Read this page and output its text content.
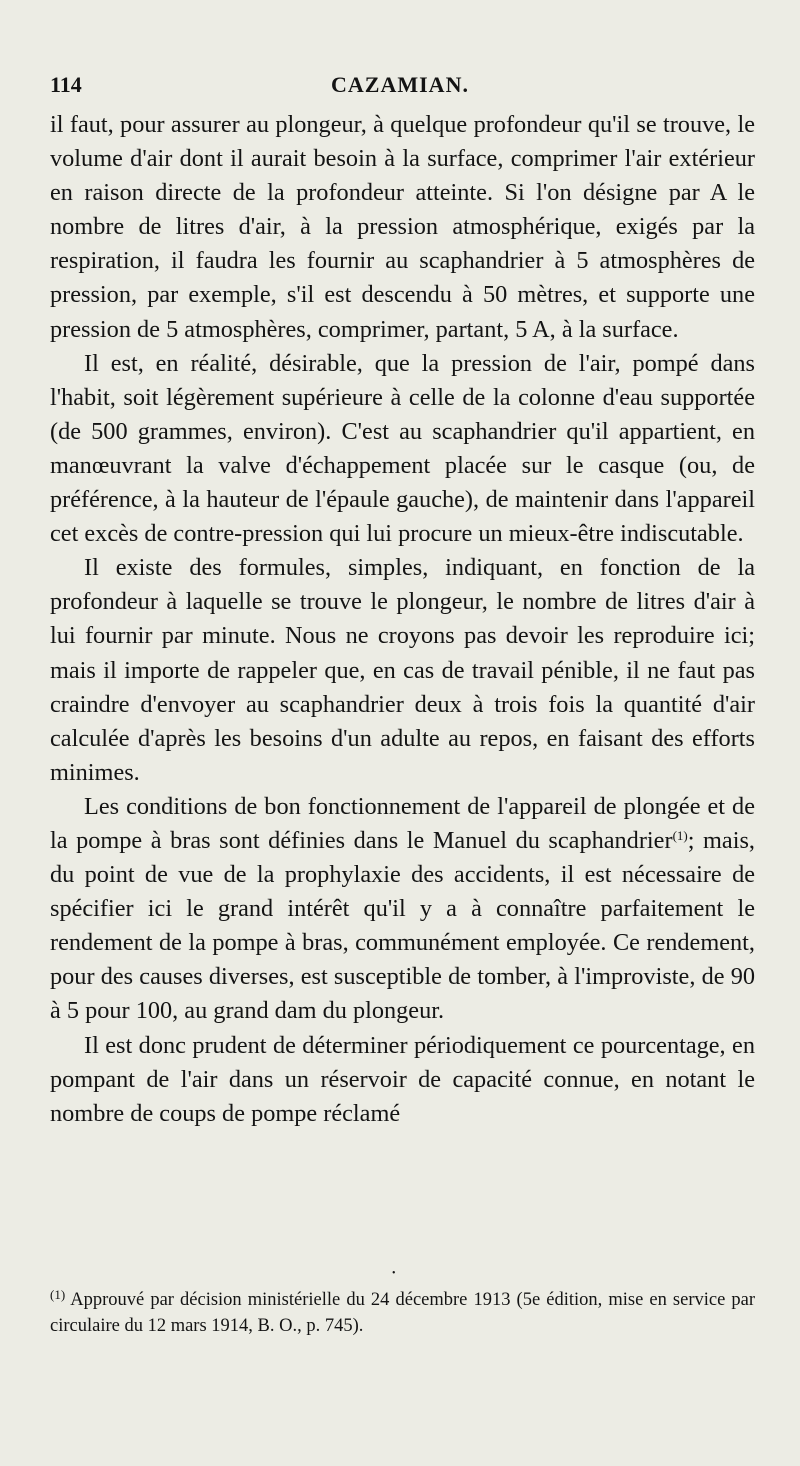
114	CAZAMIAN.

il faut, pour assurer au plongeur, à quelque profondeur qu'il se trouve, le volume d'air dont il aurait besoin à la surface, comprimer l'air extérieur en raison directe de la profondeur atteinte. Si l'on désigne par A le nombre de litres d'air, à la pression atmosphérique, exigés par la respiration, il faudra les fournir au scaphandrier à 5 atmosphères de pression, par exemple, s'il est descendu à 50 mètres, et supporte une pression de 5 atmosphères, comprimer, partant, 5 A, à la surface.

Il est, en réalité, désirable, que la pression de l'air, pompé dans l'habit, soit légèrement supérieure à celle de la colonne d'eau supportée (de 500 grammes, environ). C'est au scaphandrier qu'il appartient, en manœuvrant la valve d'échappement placée sur le casque (ou, de préférence, à la hauteur de l'épaule gauche), de maintenir dans l'appareil cet excès de contre-pression qui lui procure un mieux-être indiscutable.

Il existe des formules, simples, indiquant, en fonction de la profondeur à laquelle se trouve le plongeur, le nombre de litres d'air à lui fournir par minute. Nous ne croyons pas devoir les reproduire ici; mais il importe de rappeler que, en cas de travail pénible, il ne faut pas craindre d'envoyer au scaphandrier deux à trois fois la quantité d'air calculée d'après les besoins d'un adulte au repos, en faisant des efforts minimes.

Les conditions de bon fonctionnement de l'appareil de plongée et de la pompe à bras sont définies dans le Manuel du scaphandrier$^{(1)}$; mais, du point de vue de la prophylaxie des accidents, il est nécessaire de spécifier ici le grand intérêt qu'il y a à connaître parfaitement le rendement de la pompe à bras, communément employée. Ce rendement, pour des causes diverses, est susceptible de tomber, à l'improviste, de 90 à 5 pour 100, au grand dam du plongeur.

Il est donc prudent de déterminer périodiquement ce pourcentage, en pompant de l'air dans un réservoir de capacité connue, en notant le nombre de coups de pompe réclamé

•
$^{(1)}$ Approuvé par décision ministérielle du 24 décembre 1913 (5e édition, mise en service par circulaire du 12 mars 1914, B. O., p. 745).
